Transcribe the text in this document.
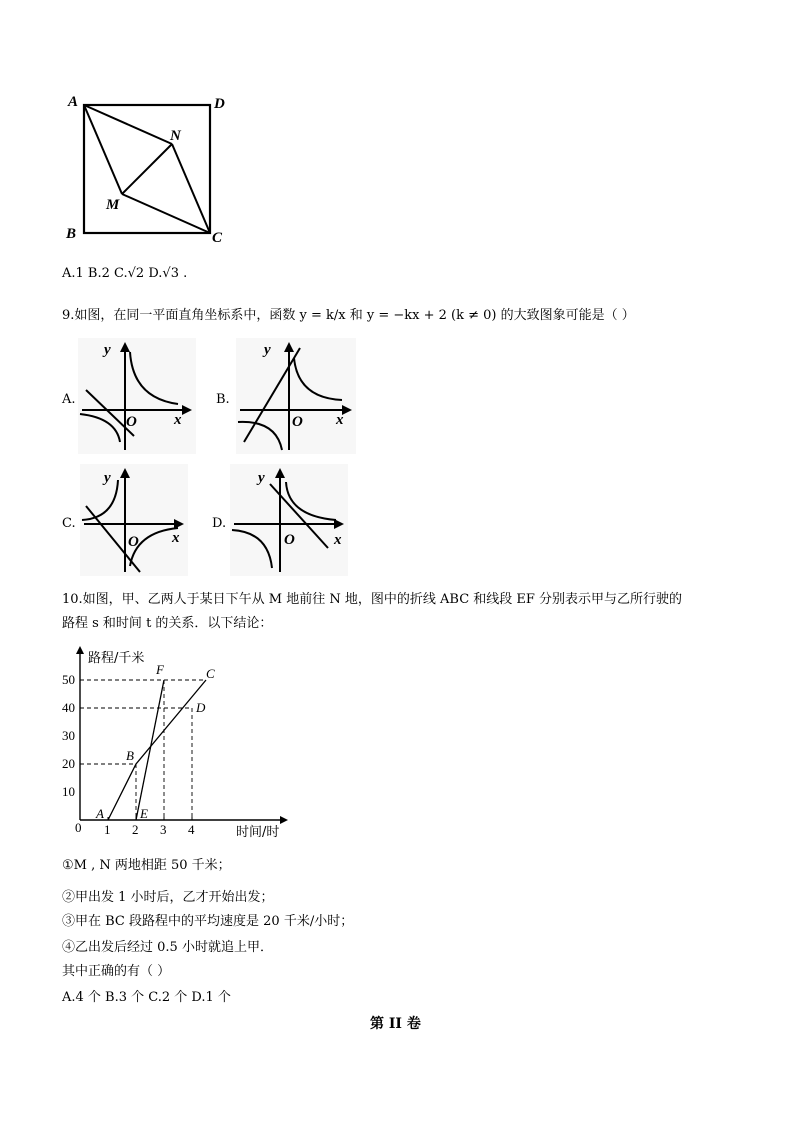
A	D
B	C
N
M
A.1 B.2 C.√2 D.√3 .
9.如图，在同一平面直角坐标系中，函数 y = k/x 和 y = −kx + 2 (k ≠ 0) 的大致图象可能是（ ）
A.
y
x
O
B.
y
x
O
C.
y
x
O
D.
y
x
O
10.如图，甲、乙两人于某日下午从 M 地前往 N 地，图中的折线 ABC 和线段 EF 分别表示甲与乙所行驶的
路程 s 和时间 t 的关系．以下结论：
路程/千米
时间/时
0 1 2 3 4
10
20
30
40
50
A
B
C
D
E
F
①M , N 两地相距 50 千米；
②甲出发 1 小时后，乙才开始出发；
③甲在 BC 段路程中的平均速度是 20 千米/小时；
④乙出发后经过 0.5 小时就追上甲．
其中正确的有（ ）
A.4 个 B.3 个 C.2 个 D.1 个
第 II 卷
